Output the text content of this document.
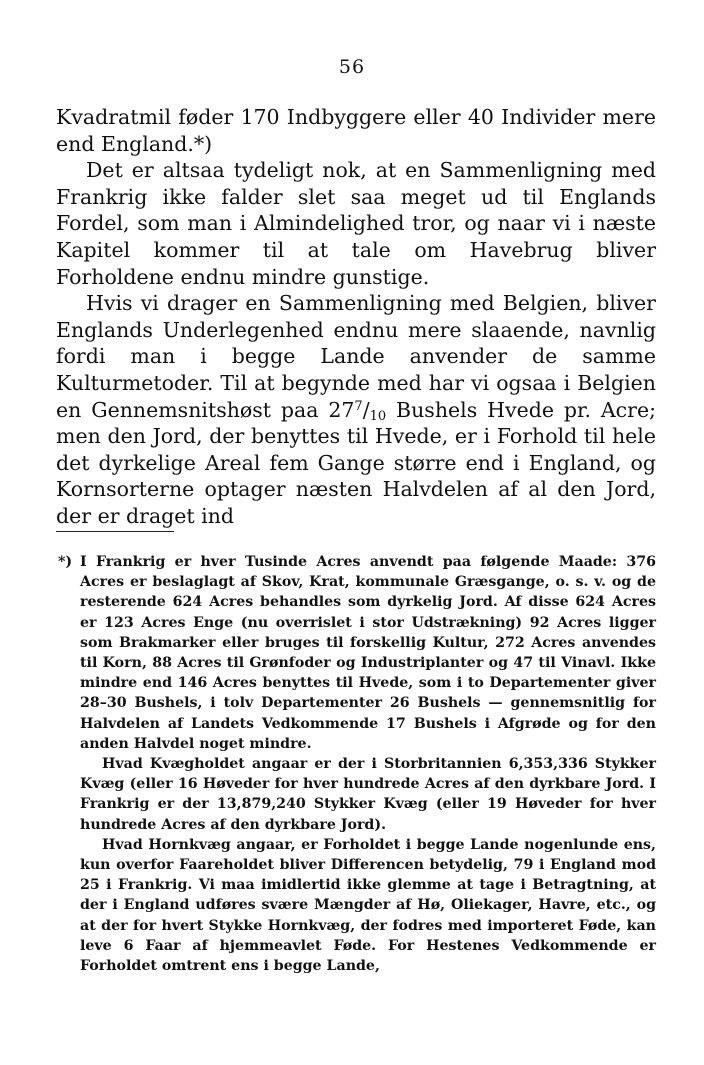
56

Kvadratmil føder 170 Indbyggere eller 40 Individer mere end England.*)

Det er altsaa tydeligt nok, at en Sammenligning med Frankrig ikke falder slet saa meget ud til Englands Fordel, som man i Almindelighed tror, og naar vi i næste Kapitel kommer til at tale om Havebrug bliver Forholdene endnu mindre gunstige.

Hvis vi drager en Sammenligning med Belgien, bliver Englands Underlegenhed endnu mere slaaende, navnlig fordi man i begge Lande anvender de samme Kulturmetoder. Til at begynde med har vi ogsaa i Belgien en Gennemsnitshøst paa $27^7/_{10}$ Bushels Hvede pr. Acre; men den Jord, der benyttes til Hvede, er i Forhold til hele det dyrkelige Areal fem Gange større end i England, og Kornsorterne optager næsten Halvdelen af al den Jord, der er draget ind

*) I Frankrig er hver Tusinde Acres anvendt paa følgende Maade: 376 Acres er beslaglagt af Skov, Krat, kommunale Græsgange, o. s. v. og de resterende 624 Acres behandles som dyrkelig Jord. Af disse 624 Acres er 123 Acres Enge (nu overrislet i stor Udstrækning) 92 Acres ligger som Brakmarker eller bruges til forskellig Kultur, 272 Acres anvendes til Korn, 88 Acres til Grønfoder og Industriplanter og 47 til Vinavl. Ikke mindre end 146 Acres benyttes til Hvede, som i to Departementer giver 28–30 Bushels, i tolv Departementer 26 Bushels — gennemsnitlig for Halvdelen af Landets Vedkommende 17 Bushels i Afgrøde og for den anden Halvdel noget mindre.

Hvad Kvægholdet angaar er der i Storbritannien 6,353,336 Stykker Kvæg (eller 16 Høveder for hver hundrede Acres af den dyrkbare Jord. I Frankrig er der 13,879,240 Stykker Kvæg (eller 19 Høveder for hver hundrede Acres af den dyrkbare Jord).

Hvad Hornkvæg angaar, er Forholdet i begge Lande nogenlunde ens, kun overfor Faareholdet bliver Differencen betydelig, 79 i England mod 25 i Frankrig. Vi maa imidlertid ikke glemme at tage i Betragtning, at der i England udføres svære Mængder af Hø, Oliekager, Havre, etc., og at der for hvert Stykke Hornkvæg, der fodres med importeret Føde, kan leve 6 Faar af hjemmeavlet Føde. For Hestenes Vedkommende er Forholdet omtrent ens i begge Lande,
